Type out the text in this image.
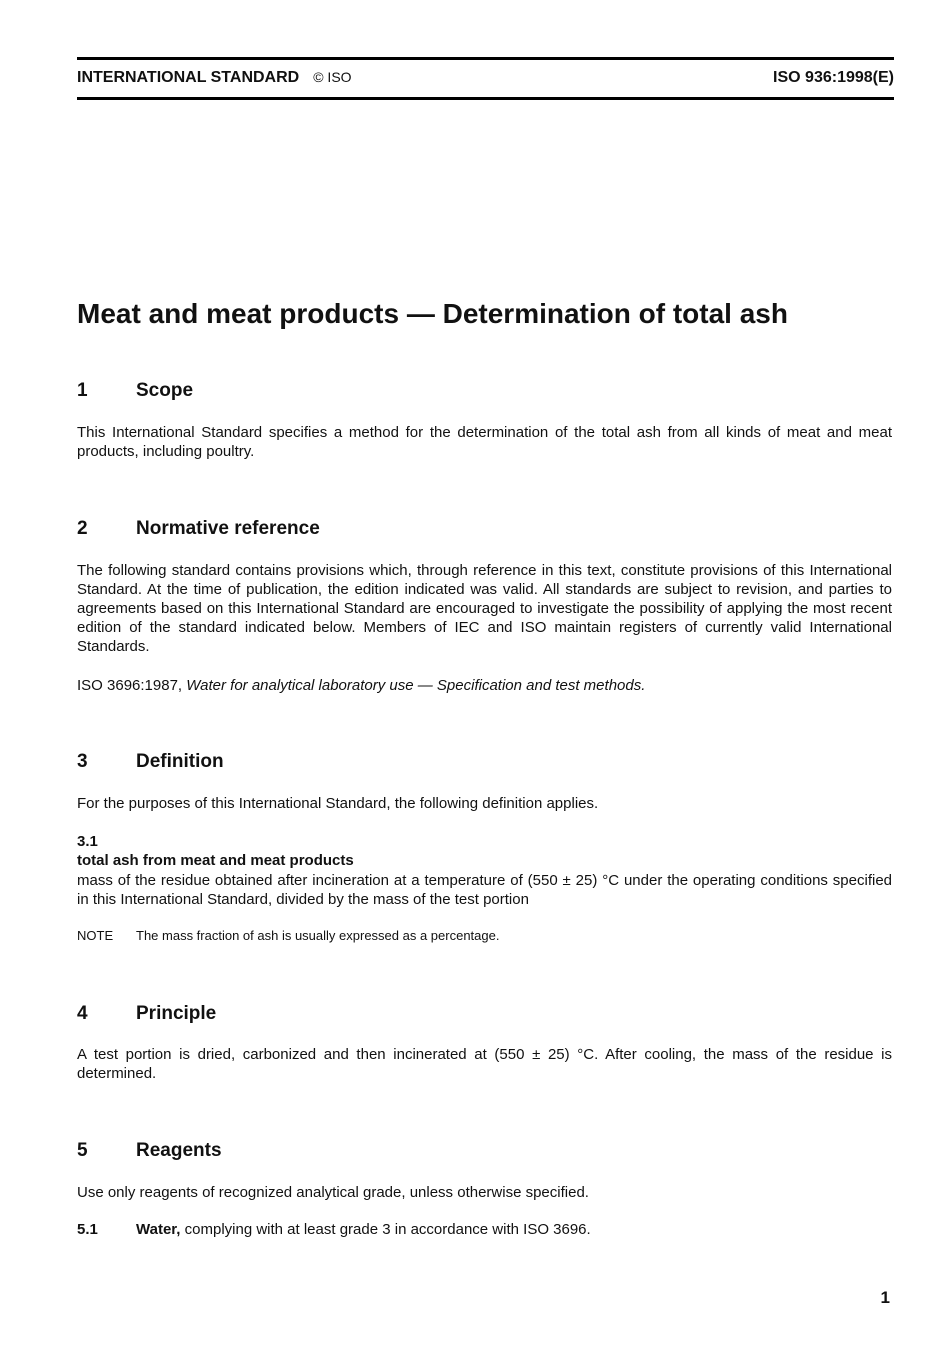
INTERNATIONAL STANDARD © ISO	ISO 936:1998(E)
Meat and meat products — Determination of total ash
1	Scope

This International Standard specifies a method for the determination of the total ash from all kinds of meat and meat products, including poultry.

2	Normative reference

The following standard contains provisions which, through reference in this text, constitute provisions of this International Standard. At the time of publication, the edition indicated was valid. All standards are subject to revision, and parties to agreements based on this International Standard are encouraged to investigate the possibility of applying the most recent edition of the standard indicated below. Members of IEC and ISO maintain registers of currently valid International Standards.

ISO 3696:1987, Water for analytical laboratory use — Specification and test methods.

3	Definition

For the purposes of this International Standard, the following definition applies.

3.1
total ash from meat and meat products

mass of the residue obtained after incineration at a temperature of (550 ± 25) °C under the operating conditions specified in this International Standard, divided by the mass of the test portion

NOTE The mass fraction of ash is usually expressed as a percentage.
4	Principle

A test portion is dried, carbonized and then incinerated at (550 ± 25) °C. After cooling, the mass of the residue is determined.

5	Reagents

Use only reagents of recognized analytical grade, unless otherwise specified.

5.1	Water, complying with at least grade 3 in accordance with ISO 3696.
1
